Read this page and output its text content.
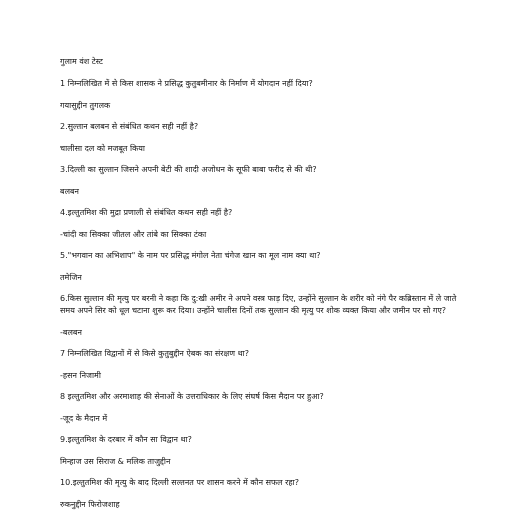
गुलाम वंश टेस्ट
1 निम्नलिखित में से किस शासक ने प्रसिद्ध कुतुबमीनार के निर्माण में योगदान नहीं दिया?
गयासुद्दीन तुगलक
2.सुल्तान बलबन से संबंधित कथन सही नहीं है?
चालीसा दल को मजबूत किया
3.दिल्ली का सुल्तान जिसने अपनी बेटी की शादी अजोधन के सूफी बाबा फरीद से की थी?
बलबन
4.इल्तुतमिश की मुद्रा प्रणाली से संबंधित कथन सही नहीं है?
-चांदी का सिक्का जीतल और तांबे का सिक्का टंका
5."भगवान का अभिशाप" के नाम पर प्रसिद्ध मंगोल नेता चंगेज खान का मूल नाम क्या था?
तमेजिन
6.किस सुल्तान की मृत्यु पर बरनी ने कहा कि दु:खी अमीर ने अपने वस्त्र फाड़ दिए, उन्होंने सुल्तान के शरीर को नंगे पैर कब्रिस्तान में ले जाते समय अपने सिर को धूल चटाना शुरू कर दिया। उन्होंने चालीस दिनों तक सुल्तान की मृत्यु पर शोक व्यक्त किया और जमीन पर सो गए?
-बलबन
7 निम्नलिखित विद्वानों में से किसे कुतुबुद्दीन ऐबक का संरक्षण था?
-हसन निजामी
8 इल्तुतमिश और अरमाशाह की सेनाओं के उत्तराधिकार के लिए संघर्ष किस मैदान पर हुआ?
-जूद के मैदान में
9.इल्तुतमिश के दरबार में कौन सा विद्वान था?
मिन्हाज उस सिराज & मलिक ताजुद्दीन
10.इल्तुतमिश की मृत्यु के बाद दिल्ली सल्तनत पर शासन करने में कौन सफल रहा?
रुकनुद्दीन फिरोजशाह
